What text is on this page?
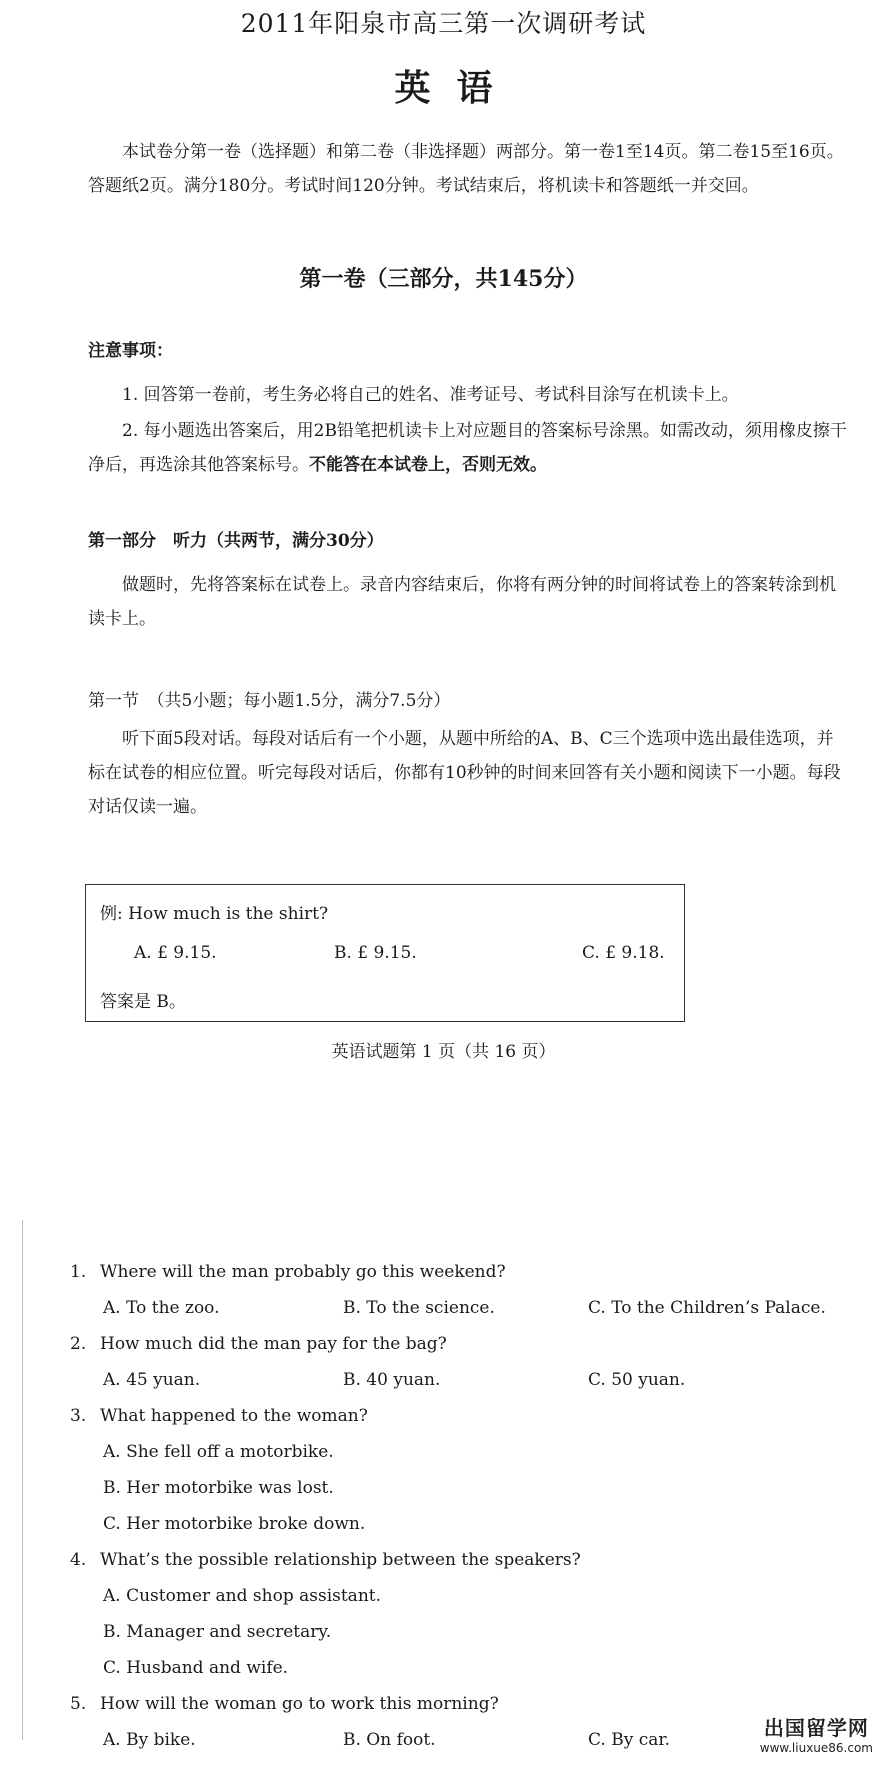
2011年阳泉市高三第一次调研考试
英语
本试卷分第一卷（选择题）和第二卷（非选择题）两部分。第一卷1至14页。第二卷15至16页。答题纸2页。满分180分。考试时间120分钟。考试结束后，将机读卡和答题纸一并交回。
第一卷（三部分，共145分）
注意事项：
1. 回答第一卷前，考生务必将自己的姓名、准考证号、考试科目涂写在机读卡上。
2. 每小题选出答案后，用2B铅笔把机读卡上对应题目的答案标号涂黑。如需改动，须用橡皮擦干净后，再选涂其他答案标号。不能答在本试卷上，否则无效。
第一部分　听力（共两节，满分30分）
做题时，先将答案标在试卷上。录音内容结束后，你将有两分钟的时间将试卷上的答案转涂到机读卡上。
第一节　（共5小题；每小题1.5分，满分7.5分）
听下面5段对话。每段对话后有一个小题，从题中所给的A、B、C三个选项中选出最佳选项，并标在试卷的相应位置。听完每段对话后，你都有10秒钟的时间来回答有关小题和阅读下一小题。每段对话仅读一遍。
例: How much is the shirt?
A. £ 9.15.	B. £ 9.15.	C. £ 9.18.
答案是 B。
英语试题第 1 页（共 16 页）
1. Where will the man probably go this weekend?
A. To the zoo.	B. To the science.	C. To the Children’s Palace.
2. How much did the man pay for the bag?
A. 45 yuan.	B. 40 yuan.	C. 50 yuan.
3. What happened to the woman?
A. She fell off a motorbike.
B. Her motorbike was lost.
C. Her motorbike broke down.
4. What’s the possible relationship between the speakers?
A. Customer and shop assistant.
B. Manager and secretary.
C. Husband and wife.
5. How will the woman go to work this morning?
A. By bike.	B. On foot.	C. By car.	出国留学网
www.liuxue86.com
